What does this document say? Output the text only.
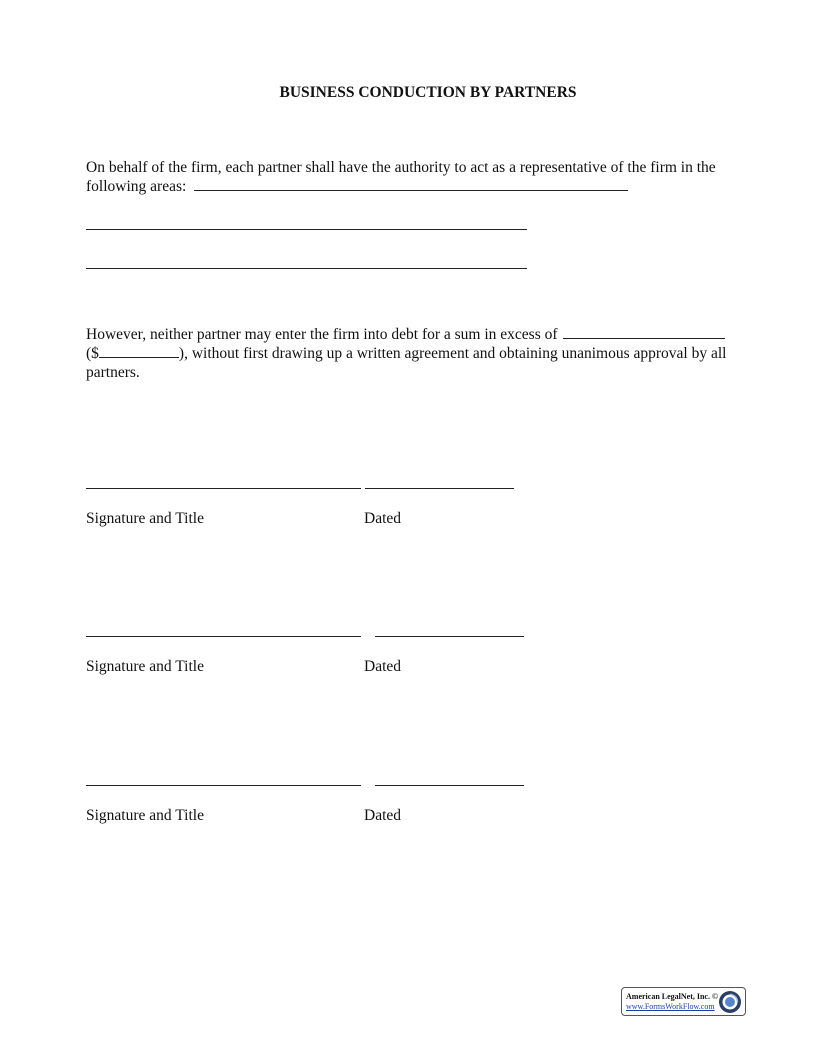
BUSINESS CONDUCTION BY PARTNERS
On behalf of the firm, each partner shall have the authority to act as a representative of the firm in the
following areas:
However, neither partner may enter the firm into debt for a sum in excess of
($	), without first drawing up a written agreement and obtaining unanimous approval by all
partners.
Signature and Title	Dated
Signature and Title	Dated
Signature and Title	Dated
American LegalNet, Inc. ©
www.FormsWorkFlow.com
